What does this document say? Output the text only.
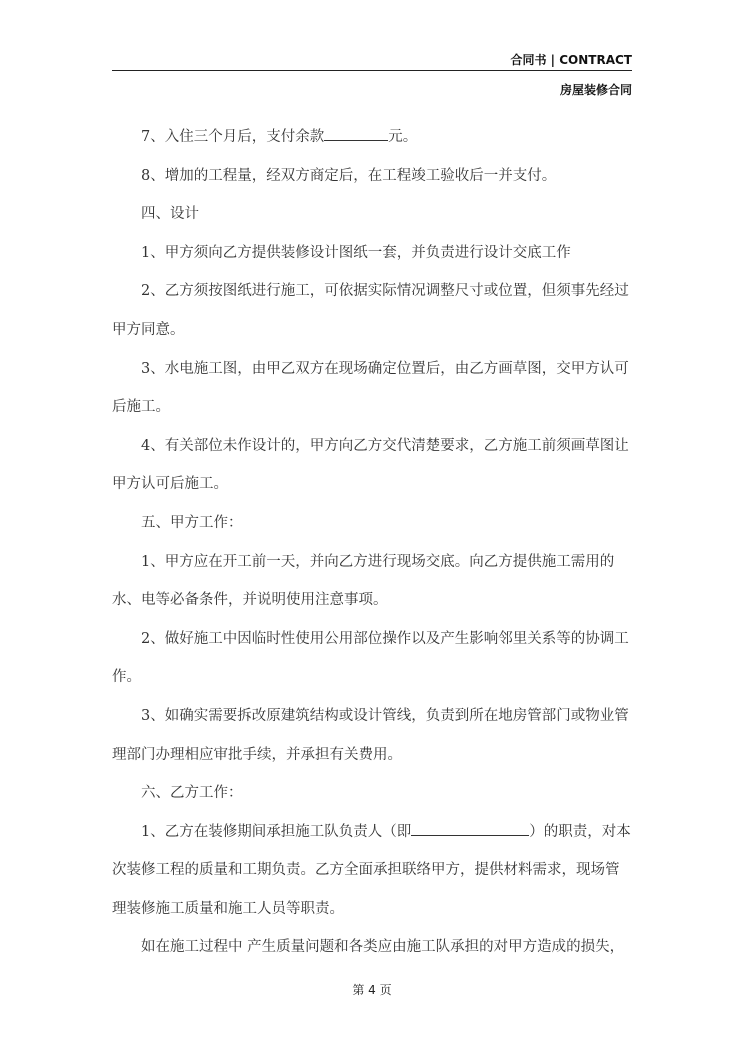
合同书 | CONTRACT
房屋装修合同

7、入住三个月后，支付余款	元。

8、增加的工程量，经双方商定后，在工程竣工验收后一并支付。

四、设计

1、甲方须向乙方提供装修设计图纸一套，并负责进行设计交底工作

2、乙方须按图纸进行施工，可依据实际情况调整尺寸或位置，但须事先经过甲方同意。

3、水电施工图，由甲乙双方在现场确定位置后，由乙方画草图，交甲方认可后施工。

4、有关部位未作设计的，甲方向乙方交代清楚要求，乙方施工前须画草图让甲方认可后施工。

五、甲方工作：

1、甲方应在开工前一天，并向乙方进行现场交底。向乙方提供施工需用的水、电等必备条件，并说明使用注意事项。

2、做好施工中因临时性使用公用部位操作以及产生影响邻里关系等的协调工作。

3、如确实需要拆改原建筑结构或设计管线，负责到所在地房管部门或物业管理部门办理相应审批手续，并承担有关费用。

六、乙方工作：

1、乙方在装修期间承担施工队负责人（即	）的职责，对本次装修工程的质量和工期负责。乙方全面承担联络甲方，提供材料需求，现场管理装修施工质量和施工人员等职责。

如在施工过程中 产生质量问题和各类应由施工队承担的对甲方造成的损失，

第 4 页
